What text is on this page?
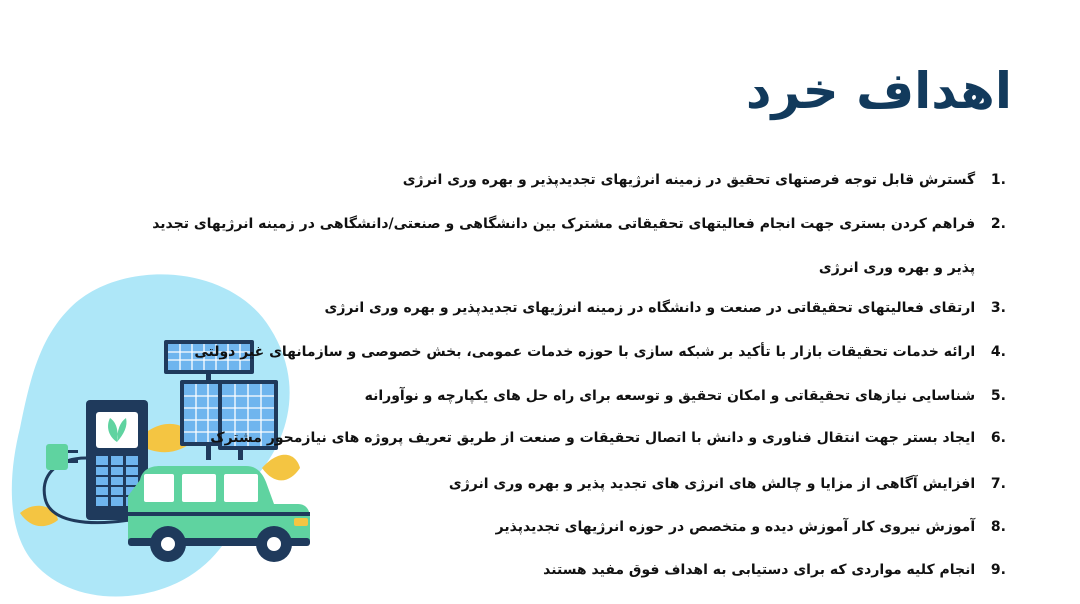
اهداف خرد
.1 گسترش قابل توجه فرصتهای تحقیق در زمینه انرژیهای تجدیدپذیر و بهره وری انرژی
.2 فراهم کردن بستری جهت انجام فعالیتهای تحقیقاتی مشترک بین دانشگاهی و صنعتی/دانشگاهی در زمینه انرژیهای تجدید پذیر و بهره وری انرژی
.3 ارتقای فعالیتهای تحقیقاتی در صنعت و دانشگاه در زمینه انرژیهای تجدیدپذیر و بهره وری انرژی
.4 ارائه خدمات تحقیقات بازار با تأکید بر شبکه سازی با حوزه خدمات عمومی، بخش خصوصی و سازمانهای غیر دولتی
.5 شناسایی نیازهای تحقیقاتی و امکان تحقیق و توسعه برای راه حل های یکپارچه و نوآورانه
.6 ایجاد بستر جهت انتقال فناوری و دانش با اتصال تحقیقات و صنعت از طریق تعریف پروژه های نیازمحور مشترک
.7 افزایش آگاهی از مزایا و چالش های انرژی های تجدید پذیر و بهره وری انرژی
.8 آموزش نیروی کار آموزش دیده و متخصص در حوزه انرژیهای تجدیدپذیر
.9 انجام کلیه مواردی که برای دستیابی به اهداف فوق مفید هستند
